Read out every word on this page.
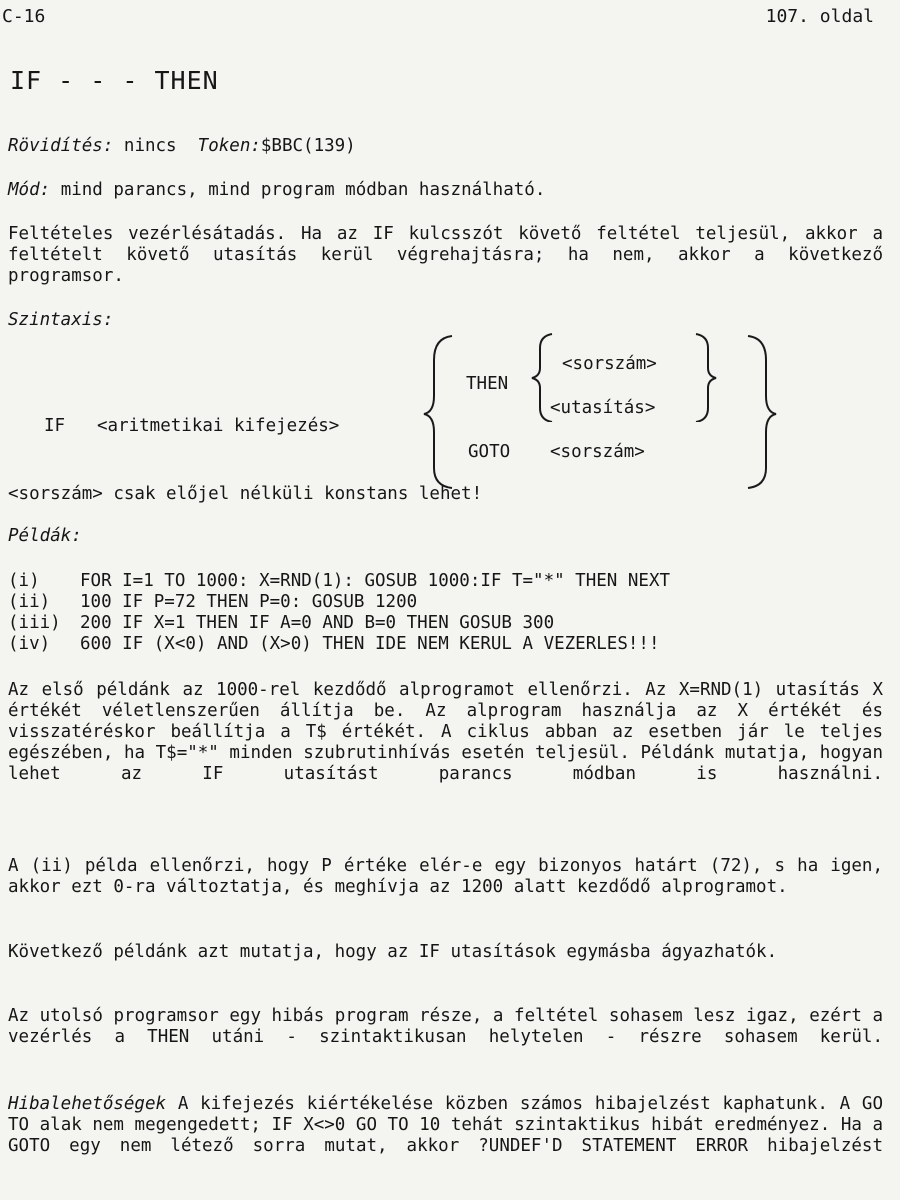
C-16	107. oldal
IF - - - THEN
Rövidítés: nincs Token:$BBC(139)
Mód: mind parancs, mind program módban használható.
Feltételes vezérlésátadás. Ha az IF kulcsszót követő feltétel teljesül, akkor a feltételt követő utasítás kerül végrehajtásra; ha nem, akkor a következő programsor.
Szintaxis:
IF <aritmetikai kifejezés>
THEN
<sorszám>
<utasítás>
GOTO <sorszám>
<sorszám> csak előjel nélküli konstans lehet!
Példák:
(i) FOR I=1 TO 1000: X=RND(1): GOSUB 1000:IF T="*" THEN NEXT
(ii) 100 IF P=72 THEN P=0: GOSUB 1200
(iii) 200 IF X=1 THEN IF A=0 AND B=0 THEN GOSUB 300
(iv) 600 IF (X<0) AND (X>0) THEN IDE NEM KERUL A VEZERLES!!!
Az első példánk az 1000-rel kezdődő alprogramot ellenőrzi. Az X=RND(1) utasítás X értékét véletlenszerűen állítja be. Az alprogram használja az X értékét és visszatéréskor beállítja a T$ értékét. A ciklus abban az esetben jár le teljes egészében, ha T$="*" minden szubrutinhívás esetén teljesül. Példánk mutatja, hogyan lehet az IF utasítást parancs módban is használni.
A (ii) példa ellenőrzi, hogy P értéke elér-e egy bizonyos határt (72), s ha igen, akkor ezt 0-ra változtatja, és meghívja az 1200 alatt kezdődő alprogramot.
Következő példánk azt mutatja, hogy az IF utasítások egymásba ágyazhatók.
Az utolsó programsor egy hibás program része, a feltétel sohasem lesz igaz, ezért a vezérlés a THEN utáni - szintaktikusan helytelen - részre sohasem kerül.
Hibalehetőségek A kifejezés kiértékelése közben számos hibajelzést kaphatunk. A GO TO alak nem megengedett; IF X<>0 GO TO 10 tehát szintaktikus hibát eredményez. Ha a GOTO egy nem létező sorra mutat, akkor ?UNDEF'D STATEMENT ERROR hibajelzést
